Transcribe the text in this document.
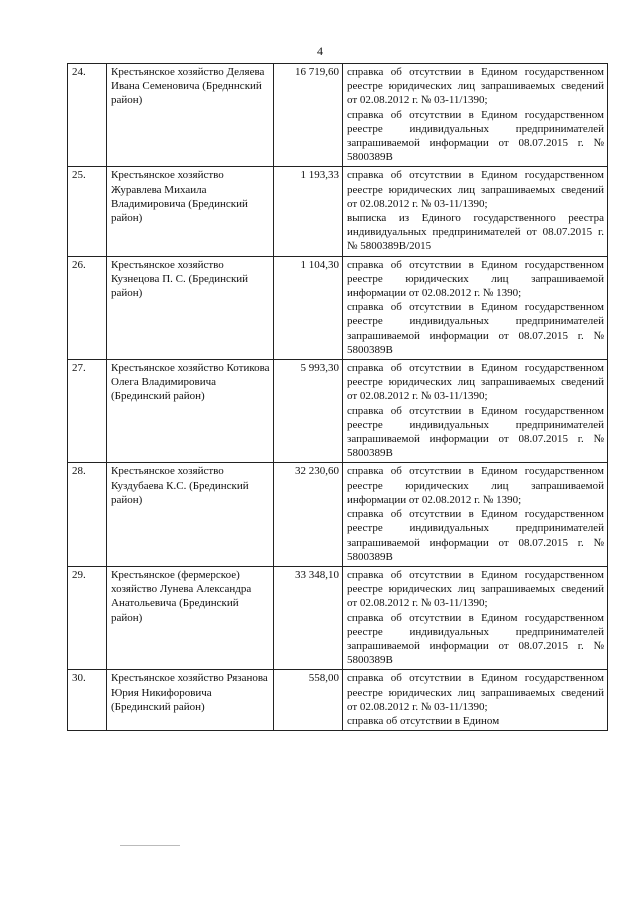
4
24.	Крестьянское хозяйство Деляева Ивана Семеновича (Бредннский район)	16 719,60	справка об отсутствии в Едином государственном реестре юридических лиц запрашиваемых сведений от 02.08.2012 г. № 03-11/1390;
справка об отсутствии в Едином государственном реестре индивидуальных предпринимателей запрашиваемой информации от 08.07.2015 г. № 5800389В

25.	Крестьянское хозяйство Журавлева Михаила Владимировича (Брединский район)	1 193,33	справка об отсутствии в Едином государственном реестре юридических лиц запрашиваемых сведений от 02.08.2012 г. № 03-11/1390;
выписка из Единого государственного реестра индивидуальных предпринимателей от 08.07.2015 г. № 5800389В/2015

26.	Крестьянское хозяйство Кузнецова П. С. (Брединский район)	1 104,30	справка об отсутствии в Едином государственном реестре юридических лиц запрашиваемой информации от 02.08.2012 г. № 1390;
справка об отсутствии в Едином государственном реестре индивидуальных предпринимателей запрашиваемой информации от 08.07.2015 г. № 5800389В

27.	Крестьянское хозяйство Котикова Олега Владимировича (Брединский район)	5 993,30	справка об отсутствии в Едином государственном реестре юридических лиц запрашиваемых сведений от 02.08.2012 г. № 03-11/1390;
справка об отсутствии в Едином государственном реестре индивидуальных предпринимателей запрашиваемой информации от 08.07.2015 г. № 5800389В

28.	Крестьянское хозяйство Куздубаева К.С. (Брединский район)	32 230,60	справка об отсутствии в Едином государственном реестре юридических лиц запрашиваемой информации от 02.08.2012 г. № 1390;
справка об отсутствии в Едином государственном реестре индивидуальных предпринимателей запрашиваемой информации от 08.07.2015 г. № 5800389В

29.	Крестьянское (фермерское) хозяйство Лунева Александра Анатольевича (Брединский район)	33 348,10	справка об отсутствии в Едином государственном реестре юридических лиц запрашиваемых сведений от 02.08.2012 г. № 03-11/1390;
справка об отсутствии в Едином государственном реестре индивидуальных предпринимателей запрашиваемой информации от 08.07.2015 г. № 5800389В

30.	Крестьянское хозяйство Рязанова Юрия Никифоровича (Брединский район)	558,00	справка об отсутствии в Едином государственном реестре юридических лиц запрашиваемых сведений от 02.08.2012 г. № 03-11/1390;
справка об отсутствии в Едином
